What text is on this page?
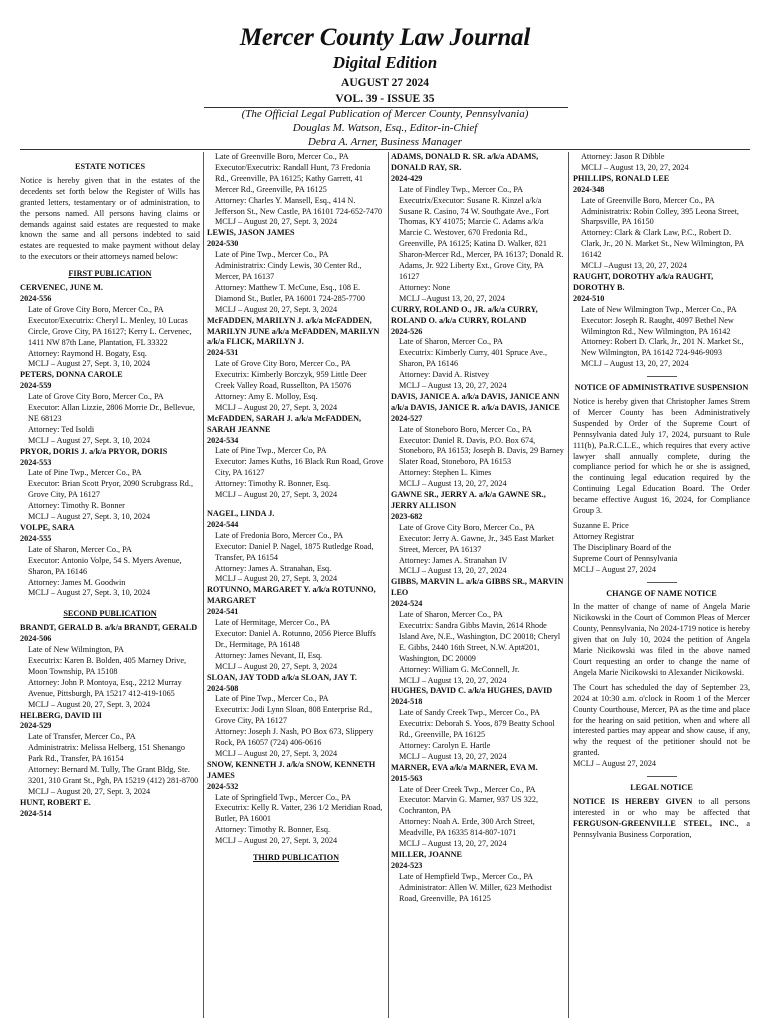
Mercer County Law Journal
Digital Edition
AUGUST 27 2024
VOL. 39 - ISSUE 35
(The Official Legal Publication of Mercer County, Pennsylvania)
Douglas M. Watson, Esq., Editor-in-Chief
Debra A. Arner, Business Manager
ESTATE NOTICES
Notice is hereby given that in the estates of the decedents set forth below the Register of Wills has granted letters, testamentary or of administration, to the persons named. All persons having claims or demands against said estates are requested to make known the same and all persons indebted to said estates are requested to make payment without delay to the executors or their attorneys named below:
FIRST PUBLICATION
CERVENEC, JUNE M.
2024-556
Late of Grove City Boro, Mercer Co., PA
Executor/Executrix: Cheryl L. Menley, 10 Lucas Circle, Grove City, PA 16127; Kerry L. Cervenec, 1411 NW 87th Lane, Plantation, FL 33322
Attorney: Raymond H. Bogaty, Esq.
MCLJ – August 27, Sept. 3, 10, 2024
PETERS, DONNA CAROLE
2024-559
Late of Grove City Boro, Mercer Co., PA
Executor: Allan Lizzie, 2806 Morrie Dr., Bellevue, NE 68123
Attorney: Ted Isoldi
MCLJ – August 27, Sept. 3, 10, 2024
PRYOR, DORIS J. a/k/a PRYOR, DORIS
2024-553
Late of Pine Twp., Mercer Co., PA
Executor: Brian Scott Pryor, 2090 Scrubgrass Rd., Grove City, PA 16127
Attorney: Timothy R. Bonner
MCLJ – August 27, Sept. 3, 10, 2024
VOLPE, SARA
2024-555
Late of Sharon, Mercer Co., PA
Executor: Antonio Volpe, 54 S. Myers Avenue, Sharon, PA 16146
Attorney: James M. Goodwin
MCLJ – August 27, Sept. 3, 10, 2024
SECOND PUBLICATION
BRANDT, GERALD B. a/k/a BRANDT, GERALD
2024-506
Late of New Wilmington, PA
Executrix: Karen B. Bolden, 405 Marney Drive, Moon Township, PA 15108
Attorney: John P. Montoya, Esq., 2212 Murray Avenue, Pittsburgh, PA 15217 412-419-1065
MCLJ – August 20, 27, Sept. 3, 2024
HELBERG, DAVID III
2024-529
Late of Transfer, Mercer Co., PA
Administratrix: Melissa Helberg, 151 Shenango Park Rd., Transfer, PA 16154
Attorney: Bernard M. Tully, The Grant Bldg, Ste. 3201, 310 Grant St., Pgh, PA 15219 (412) 281-8700
MCLJ – August 20, 27, Sept. 3, 2024
HUNT, ROBERT E.
2024-514
Late of Greenville Boro, Mercer Co., PA
Executor/Executrix: Randall Hunt, 73 Fredonia Rd., Greenville, PA 16125; Kathy Garrett, 41 Mercer Rd., Greenville, PA 16125
Attorney: Charles Y. Mansell, Esq., 414 N. Jefferson St., New Castle, PA 16101 724-652-7470
MCLJ – August 20, 27, Sept. 3, 2024
LEWIS, JASON JAMES
2024-530
Late of Pine Twp., Mercer Co., PA
Administratrix: Cindy Lewis, 30 Center Rd., Mercer, PA 16137
Attorney: Matthew T. McCune, Esq., 108 E. Diamond St., Butler, PA 16001 724-285-7700
MCLJ – August 20, 27, Sept. 3, 2024
McFADDEN, MARILYN J. a/k/a McFADDEN, MARILYN JUNE a/k/a McFADDEN, MARILYN a/k/a FLICK, MARILYN J.
2024-531
Late of Grove City Boro, Mercer Co., PA
Executrix: Kimberly Borczyk, 959 Little Deer Creek Valley Road, Russellton, PA 15076
Attorney: Amy E. Molloy, Esq.
MCLJ – August 20, 27, Sept. 3, 2024
McFADDEN, SARAH J. a/k/a McFADDEN, SARAH JEANNE
2024-534
Late of Pine Twp., Mercer Co, PA
Executor: James Kuths, 16 Black Run Road, Grove City, PA 16127
Attorney: Timothy R. Bonner, Esq.
MCLJ – August 20, 27, Sept. 3, 2024
NAGEL, LINDA J.
2024-544
Late of Fredonia Boro, Mercer Co., PA
Executor: Daniel P. Nagel, 1875 Rutledge Road, Transfer, PA 16154
Attorney: James A. Stranahan, Esq.
MCLJ – August 20, 27, Sept. 3, 2024
ROTUNNO, MARGARET Y. a/k/a ROTUNNO, MARGARET
2024-541
Late of Hermitage, Mercer Co., PA
Executor: Daniel A. Rotunno, 2056 Pierce Bluffs Dr., Hermitage, PA 16148
Attorney: James Nevant, II, Esq.
MCLJ – August 20, 27, Sept. 3, 2024
SLOAN, JAY TODD a/k/a SLOAN, JAY T.
2024-508
Late of Pine Twp., Mercer Co., PA
Executrix: Jodi Lynn Sloan, 808 Enterprise Rd., Grove City, PA 16127
Attorney: Joseph J. Nash, PO Box 673, Slippery Rock, PA 16057 (724) 406-0616
MCLJ – August 20, 27, Sept. 3, 2024
SNOW, KENNETH J. a/k/a SNOW, KENNETH JAMES
2024-532
Late of Springfield Twp., Mercer Co., PA
Executrix: Kelly R. Vatter, 236 1/2 Meridian Road, Butler, PA 16001
Attorney: Timothy R. Bonner, Esq.
MCLJ – August 20, 27, Sept. 3, 2024
THIRD PUBLICATION
ADAMS, DONALD R. SR. a/k/a ADAMS, DONALD RAY, SR.
2024-429
Late of Findley Twp., Mercer Co., PA
Executrix/Executor: Susane R. Kinzel a/k/a Susane R. Casino, 74 W. Southgate Ave., Fort Thomas, KY 41075; Marcie C. Adams a/k/a Marcie C. Westover, 670 Fredonia Rd., Greenville, PA 16125; Katina D. Walker, 821 Sharon-Mercer Rd., Mercer, PA 16137; Donald R. Adams, Jr. 922 Liberty Ext., Grove City, PA 16127
Attorney: None
MCLJ –August 13, 20, 27, 2024
CURRY, ROLAND O., JR. a/k/a CURRY, ROLAND O. a/k/a CURRY, ROLAND
2024-526
Late of Sharon, Mercer Co., PA
Executrix: Kimberly Curry, 401 Spruce Ave., Sharon, PA 16146
Attorney: David A. Ristvey
MCLJ – August 13, 20, 27, 2024
DAVIS, JANICE A. a/k/a DAVIS, JANICE ANN a/k/a DAVIS, JANICE R. a/k/a DAVIS, JANICE
2024-527
Late of Stoneboro Boro, Mercer Co., PA
Executor: Daniel R. Davis, P.O. Box 674, Stoneboro, PA 16153; Joseph B. Davis, 29 Barney Slater Road, Stoneboro, PA 16153
Attorney: Stephen L. Kimes
MCLJ – August 13, 20, 27, 2024
GAWNE SR., JERRY A. a/k/a GAWNE SR., JERRY ALLISON
2023-682
Late of Grove City Boro, Mercer Co., PA
Executor: Jerry A. Gawne, Jr., 345 East Market Street, Mercer, PA 16137
Attorney: James A. Stranahan IV
MCLJ – August 13, 20, 27, 2024
GIBBS, MARVIN L. a/k/a GIBBS SR., MARVIN LEO
2024-524
Late of Sharon, Mercer Co., PA
Executrix: Sandra Gibbs Mavin, 2614 Rhode Island Ave, N.E., Washington, DC 20018; Cheryl E. Gibbs, 2440 16th Street, N.W. Apt#201, Washington, DC 20009
Attorney: William G. McConnell, Jr.
MCLJ – August 13, 20, 27, 2024
HUGHES, DAVID C. a/k/a HUGHES, DAVID
2024-518
Late of Sandy Creek Twp., Mercer Co., PA
Executrix: Deborah S. Yoos, 879 Beatty School Rd., Greenville, PA 16125
Attorney: Carolyn E. Hartle
MCLJ – August 13, 20, 27, 2024
MARNER, EVA a/k/a MARNER, EVA M.
2015-563
Late of Deer Creek Twp., Mercer Co., PA
Executor: Marvin G. Marner, 937 US 322, Cochranton, PA
Attorney: Noah A. Erde, 300 Arch Street, Meadville, PA 16335 814-807-1071
MCLJ – August 13, 20, 27, 2024
MILLER, JOANNE
2024-523
Late of Hempfield Twp., Mercer Co., PA
Administrator: Allen W. Miller, 623 Methodist Road, Greenville, PA 16125
Attorney: Jason R Dibble
MCLJ – August 13, 20, 27, 2024
PHILLIPS, RONALD LEE
2024-348
Late of Greenville Boro, Mercer Co., PA
Administratrix: Robin Colley, 395 Leona Street, Sharpsville, PA 16150
Attorney: Clark & Clark Law, P.C., Robert D. Clark, Jr., 20 N. Market St., New Wilmington, PA 16142
MCLJ –August 13, 20, 27, 2024
RAUGHT, DOROTHY a/k/a RAUGHT, DOROTHY B.
2024-510
Late of New Wilmington Twp., Mercer Co., PA
Executor: Joseph R. Raught, 4097 Bethel New Wilmington Rd., New Wilmington, PA 16142
Attorney: Robert D. Clark, Jr., 201 N. Market St., New Wilmington, PA 16142 724-946-9093
MCLJ – August 13, 20, 27, 2024
NOTICE OF ADMINISTRATIVE SUSPENSION
Notice is hereby given that Christopher James Strem of Mercer County has been Administratively Suspended by Order of the Supreme Court of Pennsylvania dated July 17, 2024, pursuant to Rule 111(b), Pa.R.C.L.E., which requires that every active lawyer shall annually complete, during the compliance period for which he or she is assigned, the continuing legal education required by the Continuing Legal Education Board. The Order became effective August 16, 2024, for Compliance Group 3.
Suzanne E. Price
Attorney Registrar
The Disciplinary Board of the
Supreme Court of Pennsylvania
MCLJ – August 27, 2024
CHANGE OF NAME NOTICE
In the matter of change of name of Angela Marie Nicikowski in the Court of Common Pleas of Mercer County, Pennsylvania, No 2024-1719 notice is hereby given that on July 10, 2024 the petition of Angela Marie Nicikowski was filed in the above named Court requesting an order to change the name of Angela Marie Nicikowski to Alexander Nicikowski.
The Court has scheduled the day of September 23, 2024 at 10:30 a.m. o'clock in Room 1 of the Mercer County Courthouse, Mercer, PA as the time and place for the hearing on said petition, when and where all interested parties may appear and show cause, if any, why the request of the petitioner should not be granted.
MCLJ – August 27, 2024
LEGAL NOTICE
NOTICE IS HEREBY GIVEN to all persons interested in or who may be affected that FERGUSON-GREENVILLE STEEL, INC., a Pennsylvania Business Corporation,
